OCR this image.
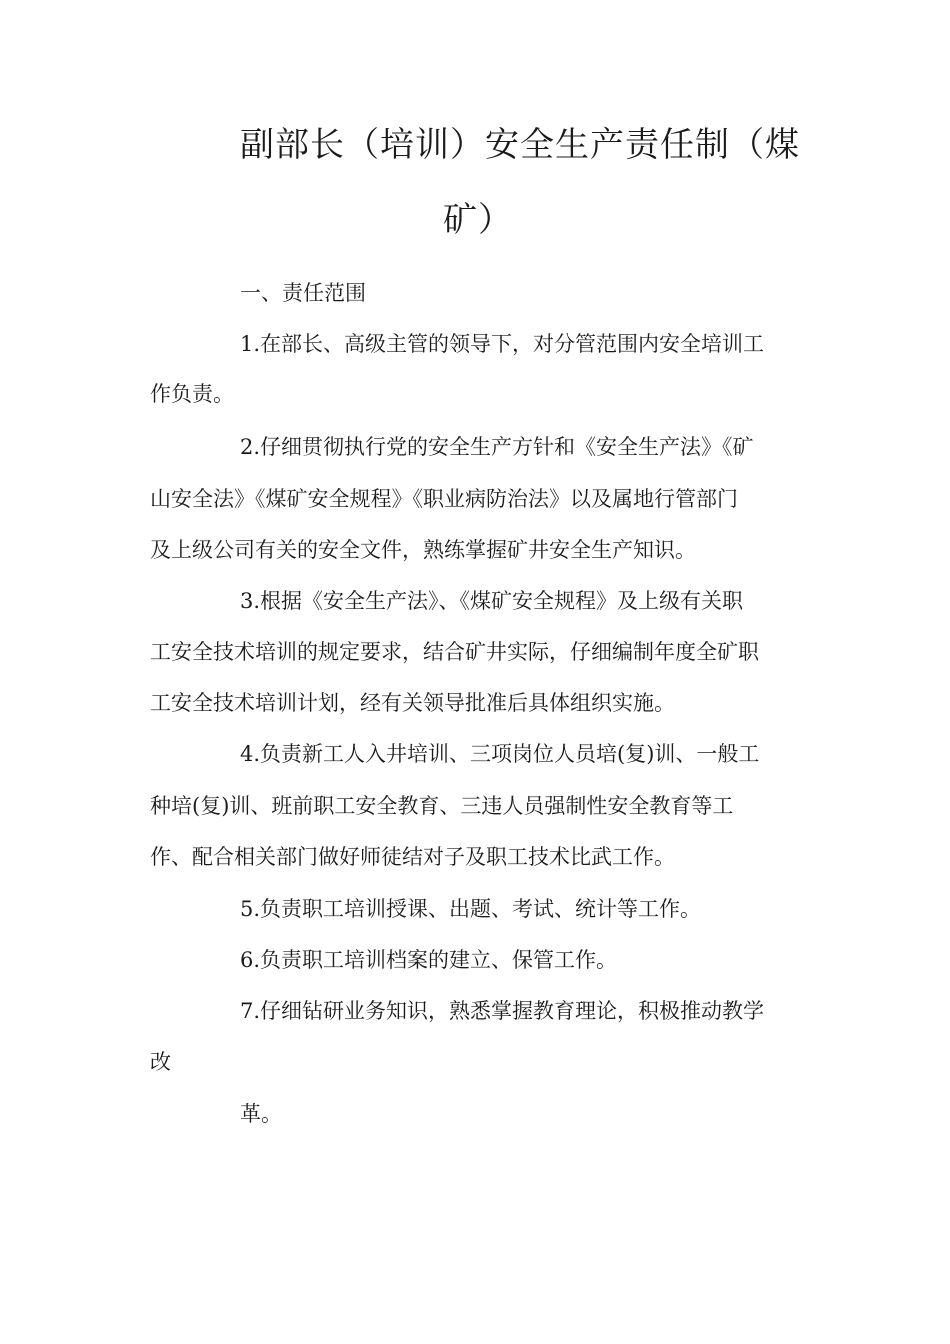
副部长（培训）安全生产责任制（煤
矿）
一、责任范围
1.在部长、高级主管的领导下，对分管范围内安全培训工
作负责。
2.仔细贯彻执行党的安全生产方针和《安全生产法》《矿
山安全法》《煤矿安全规程》《职业病防治法》以及属地行管部门
及上级公司有关的安全文件，熟练掌握矿井安全生产知识。
3.根据《安全生产法》、《煤矿安全规程》及上级有关职
工安全技术培训的规定要求，结合矿井实际，仔细编制年度全矿职
工安全技术培训计划，经有关领导批准后具体组织实施。
4.负责新工人入井培训、三项岗位人员培(复)训、一般工
种培(复)训、班前职工安全教育、三违人员强制性安全教育等工
作、配合相关部门做好师徒结对子及职工技术比武工作。
5.负责职工培训授课、出题、考试、统计等工作。
6.负责职工培训档案的建立、保管工作。
7.仔细钻研业务知识，熟悉掌握教育理论，积极推动教学
改
革。
